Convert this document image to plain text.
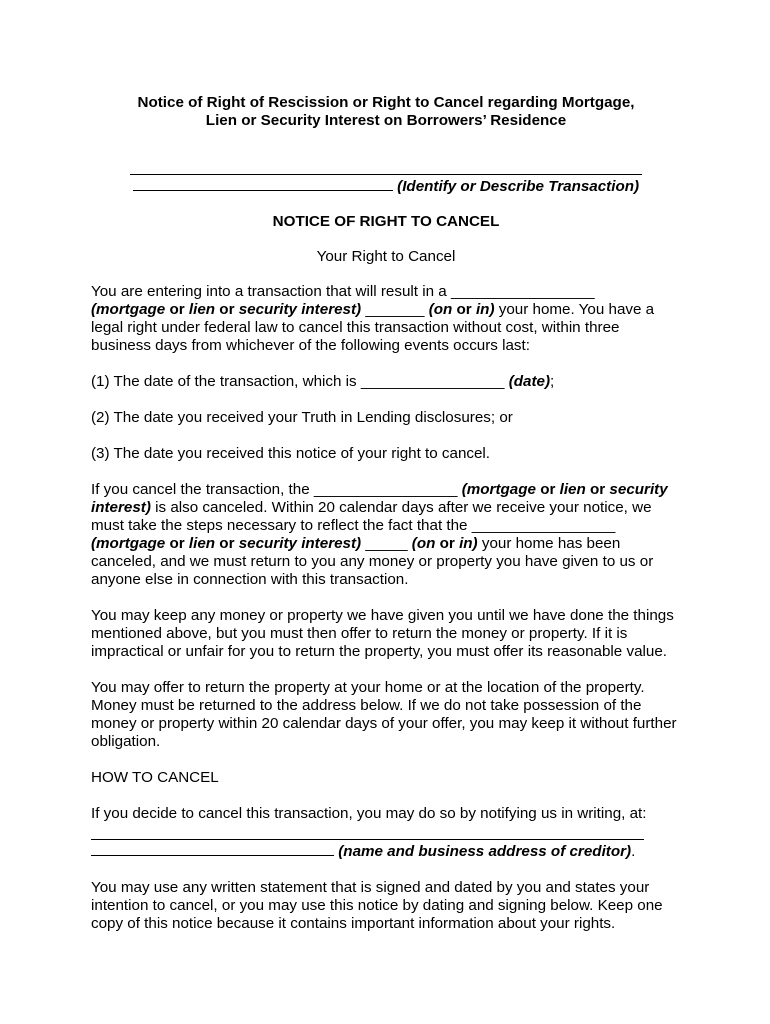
Notice of Right of Rescission or Right to Cancel regarding Mortgage,
Lien or Security Interest on Borrowers’ Residence
(Identify or Describe Transaction)
NOTICE OF RIGHT TO CANCEL
Your Right to Cancel

You are entering into a transaction that will result in a _________________
(mortgage or lien or security interest) _______ (on or in) your home. You have a legal right under federal law to cancel this transaction without cost, within three business days from whichever of the following events occurs last:

(1) The date of the transaction, which is _________________ (date);

(2) The date you received your Truth in Lending disclosures; or

(3) The date you received this notice of your right to cancel.

If you cancel the transaction, the _________________ (mortgage or lien or security interest) is also canceled. Within 20 calendar days after we receive your notice, we must take the steps necessary to reflect the fact that the _________________
(mortgage or lien or security interest) _____ (on or in) your home has been canceled, and we must return to you any money or property you have given to us or anyone else in connection with this transaction.

You may keep any money or property we have given you until we have done the things mentioned above, but you must then offer to return the money or property. If it is impractical or unfair for you to return the property, you must offer its reasonable value.

You may offer to return the property at your home or at the location of the property. Money must be returned to the address below. If we do not take possession of the money or property within 20 calendar days of your offer, you may keep it without further obligation.

HOW TO CANCEL

If you decide to cancel this transaction, you may do so by notifying us in writing, at:

(name and business address of creditor).

You may use any written statement that is signed and dated by you and states your intention to cancel, or you may use this notice by dating and signing below. Keep one copy of this notice because it contains important information about your rights.
